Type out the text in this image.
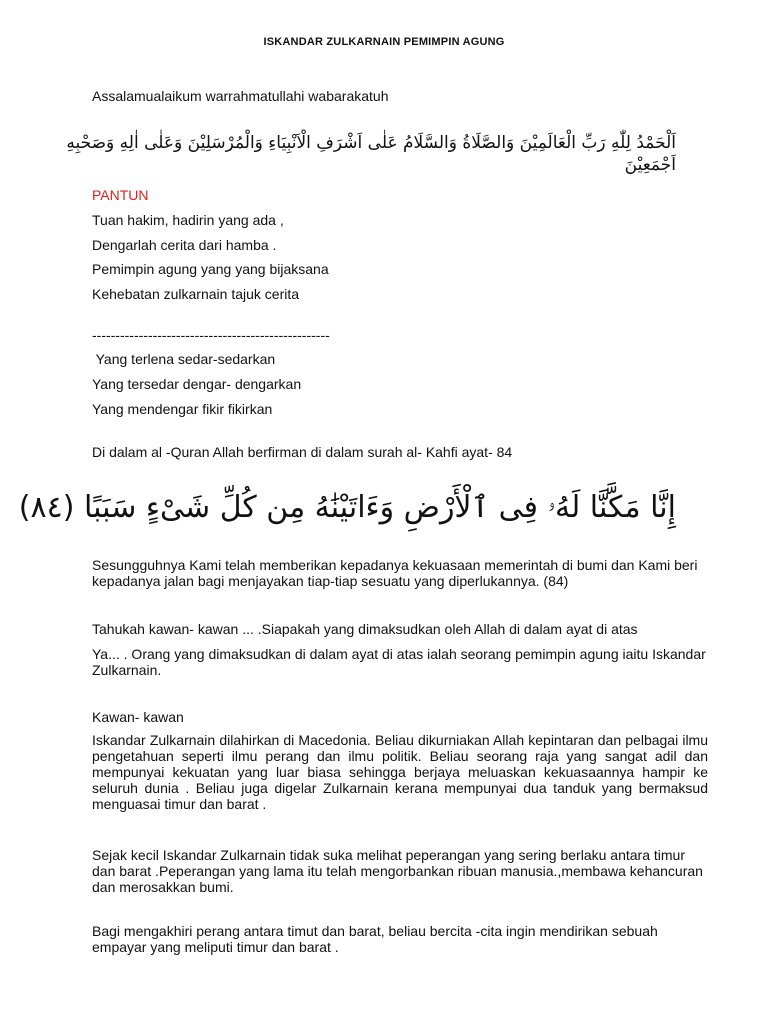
ISKANDAR ZULKARNAIN PEMIMPIN AGUNG
Assalamualaikum warrahmatullahi wabarakatuh
اَلْحَمْدُ لِلّٰهِ رَبِّ الْعَالَمِيْنَ وَالصَّلَاةُ وَالسَّلَامُ عَلٰى اَشْرَفِ الْاَنْبِيَاءِ وَالْمُرْسَلِيْنَ وَعَلٰى اٰلِهِ وَصَحْبِهِ
اَجْمَعِيْنَ
PANTUN
Tuan hakim, hadirin yang ada ,
Dengarlah cerita dari hamba .
Pemimpin agung yang yang bijaksana
Kehebatan zulkarnain tajuk cerita
---------------------------------------------------
Yang terlena sedar-sedarkan
Yang tersedar dengar- dengarkan
Yang mendengar fikir fikirkan
Di dalam al -Quran Allah berfirman di dalam surah al- Kahfi ayat- 84
إِنَّا مَكَّنَّا لَهُۥ فِى ٱلْأَرْضِ وَءَاتَيْنَٰهُ مِن كُلِّ شَىْءٍ سَبَبًا (٨٤)
Sesungguhnya Kami telah memberikan kepadanya kekuasaan memerintah di bumi dan Kami beri kepadanya jalan bagi menjayakan tiap-tiap sesuatu yang diperlukannya. (84)
Tahukah kawan- kawan ... .Siapakah yang dimaksudkan oleh Allah di dalam ayat di atas
Ya... . Orang yang dimaksudkan di dalam ayat di atas ialah seorang pemimpin agung iaitu Iskandar Zulkarnain.
Kawan- kawan
Iskandar Zulkarnain dilahirkan di Macedonia. Beliau dikurniakan Allah kepintaran dan pelbagai ilmu pengetahuan seperti ilmu perang dan ilmu politik. Beliau seorang raja yang sangat adil dan mempunyai kekuatan yang luar biasa sehingga berjaya meluaskan kekuasaannya hampir ke seluruh dunia . Beliau juga digelar Zulkarnain kerana mempunyai dua tanduk yang bermaksud menguasai timur dan barat .
Sejak kecil Iskandar Zulkarnain tidak suka melihat peperangan yang sering berlaku antara timur dan barat .Peperangan yang lama itu telah mengorbankan ribuan manusia.,membawa kehancuran dan merosakkan bumi.
Bagi mengakhiri perang antara timut dan barat, beliau bercita -cita ingin mendirikan sebuah empayar yang meliputi timur dan barat .
